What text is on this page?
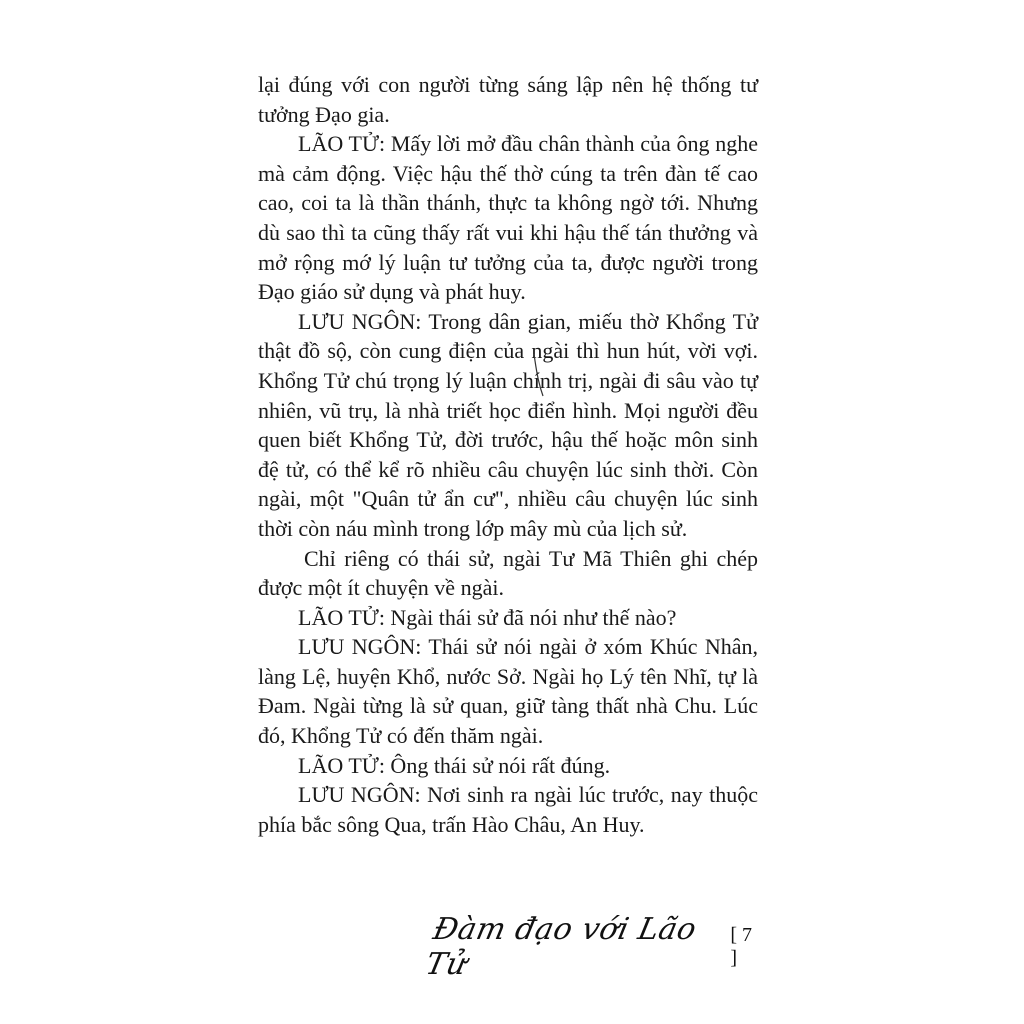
lại đúng với con người từng sáng lập nên hệ thống tư tưởng Đạo gia.

LÃO TỬ: Mấy lời mở đầu chân thành của ông nghe mà cảm động. Việc hậu thế thờ cúng ta trên đàn tế cao cao, coi ta là thần thánh, thực ta không ngờ tới. Nhưng dù sao thì ta cũng thấy rất vui khi hậu thế tán thưởng và mở rộng mớ lý luận tư tưởng của ta, được người trong Đạo giáo sử dụng và phát huy.

LƯU NGÔN: Trong dân gian, miếu thờ Khổng Tử thật đồ sộ, còn cung điện của ngài thì hun hút, vời vợi. Khổng Tử chú trọng lý luận chính trị, ngài đi sâu vào tự nhiên, vũ trụ, là nhà triết học điển hình. Mọi người đều quen biết Khổng Tử, đời trước, hậu thế hoặc môn sinh đệ tử, có thể kể rõ nhiều câu chuyện lúc sinh thời. Còn ngài, một "Quân tử ẩn cư", nhiều câu chuyện lúc sinh thời còn náu mình trong lớp mây mù của lịch sử.

Chỉ riêng có thái sử, ngài Tư Mã Thiên ghi chép được một ít chuyện về ngài.

LÃO TỬ: Ngài thái sử đã nói như thế nào?

LƯU NGÔN: Thái sử nói ngài ở xóm Khúc Nhân, làng Lệ, huyện Khổ, nước Sở. Ngài họ Lý tên Nhĩ, tự là Đam. Ngài từng là sử quan, giữ tàng thất nhà Chu. Lúc đó, Khổng Tử có đến thăm ngài.

LÃO TỬ: Ông thái sử nói rất đúng.

LƯU NGÔN: Nơi sinh ra ngài lúc trước, nay thuộc phía bắc sông Qua, trấn Hào Châu, An Huy.

Đàm đạo với Lão Tử
[ 7 ]
